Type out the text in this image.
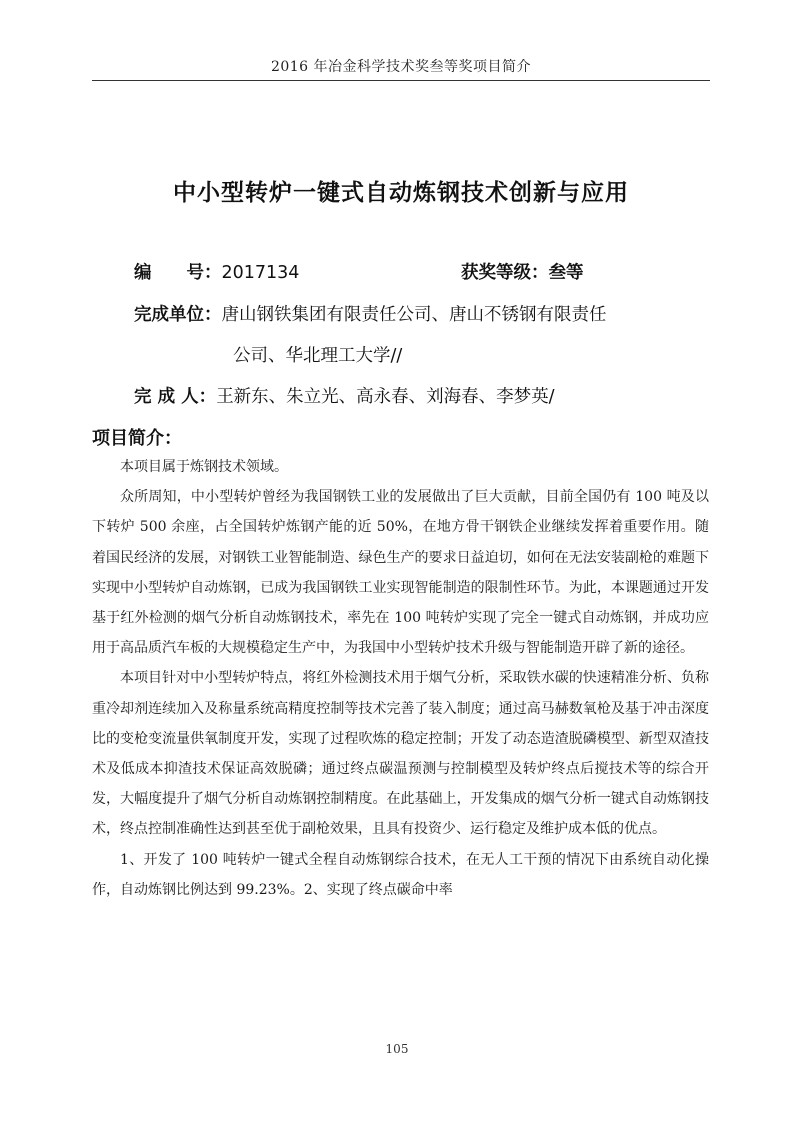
2016 年冶金科学技术奖叁等奖项目简介
中小型转炉一键式自动炼钢技术创新与应用
编　　号：2017134	获奖等级：叁等
完成单位：唐山钢铁集团有限责任公司、唐山不锈钢有限责任
公司、华北理工大学//
完 成 人：王新东、朱立光、高永春、刘海春、李梦英/
项目简介：

本项目属于炼钢技术领域。

众所周知，中小型转炉曾经为我国钢铁工业的发展做出了巨大贡献，目前全国仍有 100 吨及以下转炉 500 余座，占全国转炉炼钢产能的近 50%，在地方骨干钢铁企业继续发挥着重要作用。随着国民经济的发展，对钢铁工业智能制造、绿色生产的要求日益迫切，如何在无法安装副枪的难题下实现中小型转炉自动炼钢，已成为我国钢铁工业实现智能制造的限制性环节。为此，本课题通过开发基于红外检测的烟气分析自动炼钢技术，率先在 100 吨转炉实现了完全一键式自动炼钢，并成功应用于高品质汽车板的大规模稳定生产中，为我国中小型转炉技术升级与智能制造开辟了新的途径。

本项目针对中小型转炉特点，将红外检测技术用于烟气分析，采取铁水碳的快速精准分析、负称重冷却剂连续加入及称量系统高精度控制等技术完善了装入制度；通过高马赫数氧枪及基于冲击深度比的变枪变流量供氧制度开发，实现了过程吹炼的稳定控制；开发了动态造渣脱磷模型、新型双渣技术及低成本抑渣技术保证高效脱磷；通过终点碳温预测与控制模型及转炉终点后搅技术等的综合开发，大幅度提升了烟气分析自动炼钢控制精度。在此基础上，开发集成的烟气分析一键式自动炼钢技术，终点控制准确性达到甚至优于副枪效果，且具有投资少、运行稳定及维护成本低的优点。

1、开发了 100 吨转炉一键式全程自动炼钢综合技术，在无人工干预的情况下由系统自动化操作，自动炼钢比例达到 99.23%。2、实现了终点碳命中率

105
